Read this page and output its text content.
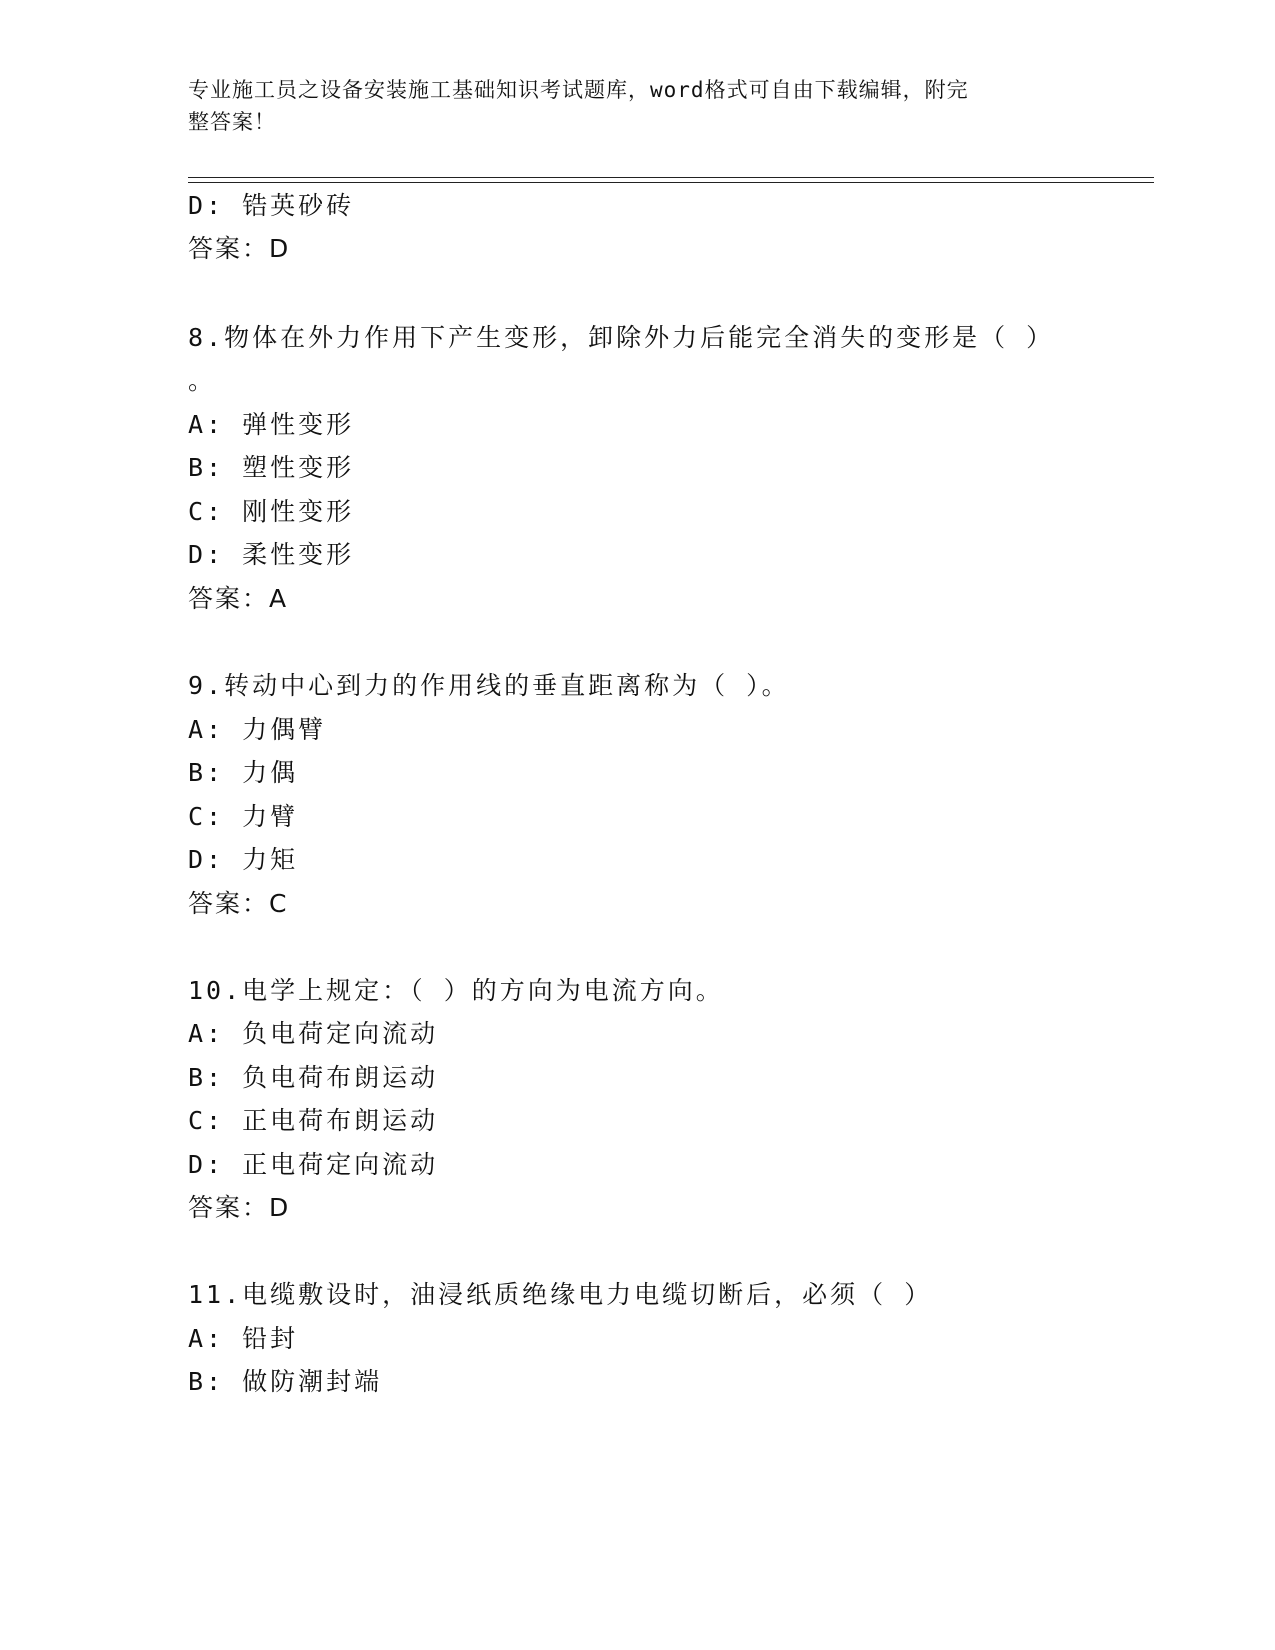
专业施工员之设备安装施工基础知识考试题库，word格式可自由下载编辑，附完
整答案！
D: 锆英砂砖
答案：D
8.物体在外力作用下产生变形，卸除外力后能完全消失的变形是（ ）
。
A: 弹性变形
B: 塑性变形
C: 刚性变形
D: 柔性变形
答案：A
9.转动中心到力的作用线的垂直距离称为（ ）。
A: 力偶臂
B: 力偶
C: 力臂
D: 力矩
答案：C
10.电学上规定：（ ）的方向为电流方向。
A: 负电荷定向流动
B: 负电荷布朗运动
C: 正电荷布朗运动
D: 正电荷定向流动
答案：D
11.电缆敷设时，油浸纸质绝缘电力电缆切断后，必须（ ）
A: 铅封
B: 做防潮封端
